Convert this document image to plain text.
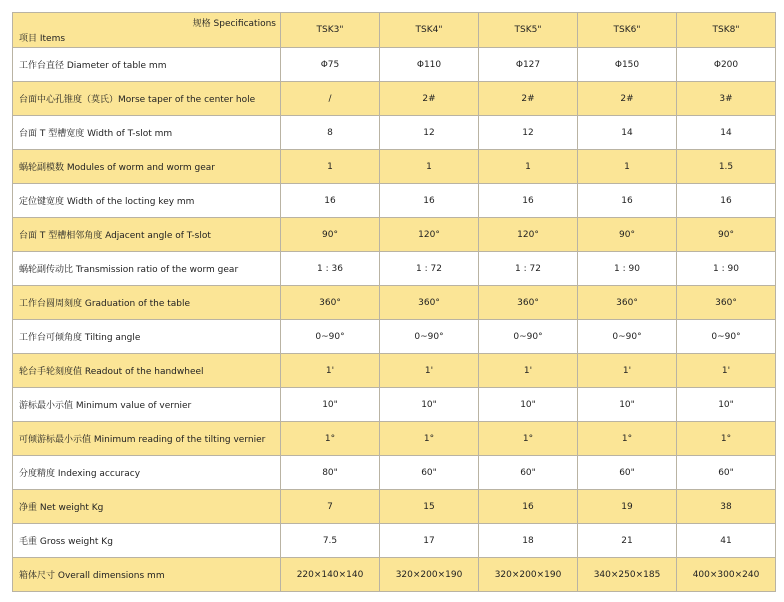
规格 Specifications
项目 Items	TSK3"	TSK4"	TSK5"	TSK6"	TSK8"
工作台直径 Diameter of table mm	Φ75	Φ110	Φ127	Φ150	Φ200
台面中心孔锥度（莫氏）Morse taper of the center hole	/	2#	2#	2#	3#
台面 T 型槽宽度 Width of T-slot mm	8	12	12	14	14
蜗轮副模数 Modules of worm and worm gear	1	1	1	1	1.5
定位键宽度 Width of the locting key mm	16	16	16	16	16
台面 T 型槽相邻角度 Adjacent angle of T-slot	90°	120°	120°	90°	90°
蜗轮副传动比 Transmission ratio of the worm gear	1 : 36	1 : 72	1 : 72	1 : 90	1 : 90
工作台圆周刻度 Graduation of the table	360°	360°	360°	360°	360°
工作台可倾角度 Tilting angle	0~90°	0~90°	0~90°	0~90°	0~90°
轮台手轮刻度值 Readout of the handwheel	1'	1'	1'	1'	1'
游标最小示值 Minimum value of vernier	10"	10"	10"	10"	10"
可倾游标最小示值 Minimum reading of the tilting vernier	1°	1°	1°	1°	1°
分度精度 Indexing accuracy	80"	60"	60"	60"	60"
净重 Net weight Kg	7	15	16	19	38
毛重 Gross weight Kg	7.5	17	18	21	41
箱体尺寸 Overall dimensions mm	220×140×140	320×200×190	320×200×190	340×250×185	400×300×240
